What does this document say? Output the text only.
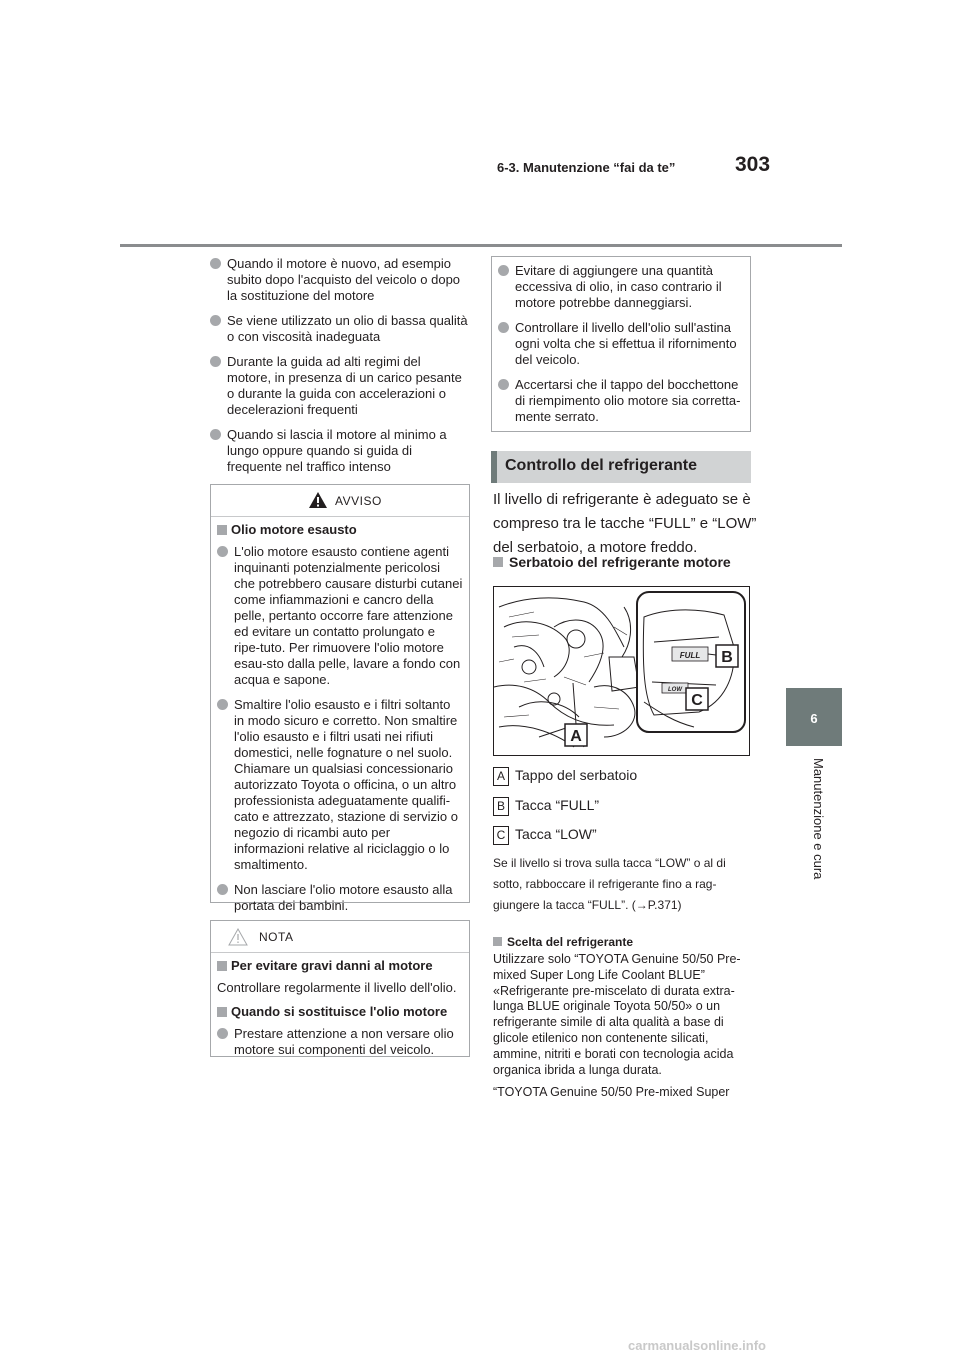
6-3. Manutenzione “fai da te”	303
6
Manutenzione e cura
Quando il motore è nuovo, ad esempio subito dopo l'acquisto del veicolo o dopo la sostituzione del motore
Se viene utilizzato un olio di bassa qualità o con viscosità inadeguata
Durante la guida ad alti regimi del motore, in presenza di un carico pesante o durante la guida con accelerazioni o decelerazioni frequenti
Quando si lascia il motore al minimo a lungo oppure quando si guida di frequente nel traffico intenso
AVVISO
Olio motore esausto
L'olio motore esausto contiene agenti inquinanti potenzialmente pericolosi che potrebbero causare disturbi cutanei come infiammazioni e cancro della pelle, pertanto occorre fare attenzione ed evitare un contatto prolungato e ripe-tuto. Per rimuovere l'olio motore esau-sto dalla pelle, lavare a fondo con acqua e sapone.
Smaltire l'olio esausto e i filtri soltanto in modo sicuro e corretto. Non smaltire l'olio esausto e i filtri usati nei rifiuti domestici, nelle fognature o nel suolo. Chiamare un qualsiasi concessionario autorizzato Toyota o officina, o un altro professionista adeguatamente qualifi-cato e attrezzato, stazione di servizio o negozio di ricambi auto per informazioni relative al riciclaggio o lo smaltimento.
Non lasciare l'olio motore esausto alla portata dei bambini.
NOTA
Per evitare gravi danni al motore
Controllare regolarmente il livello dell'olio.
Quando si sostituisce l'olio motore
Prestare attenzione a non versare olio motore sui componenti del veicolo.
Evitare di aggiungere una quantità eccessiva di olio, in caso contrario il motore potrebbe danneggiarsi.
Controllare il livello dell'olio sull'astina ogni volta che si effettua il rifornimento del veicolo.
Accertarsi che il tappo del bocchettone di riempimento olio motore sia corretta-mente serrato.
Controllo del refrigerante
Il livello di refrigerante è adeguato se è compreso tra le tacche “FULL” e “LOW” del serbatoio, a motore freddo.
Serbatoio del refrigerante motore
FULL
LOW
B
C
A
A Tappo del serbatoio
B Tacca “FULL”
C Tacca “LOW”
Se il livello si trova sulla tacca “LOW” o al di sotto, rabboccare il refrigerante fino a rag-giungere la tacca “FULL”. (→P.371)
Scelta del refrigerante
Utilizzare solo “TOYOTA Genuine 50/50 Pre-mixed Super Long Life Coolant BLUE” «Refrigerante pre-miscelato di durata extra-lunga BLUE originale Toyota 50/50» o un refrigerante simile di alta qualità a base di glicole etilenico non contenente silicati, ammine, nitriti e borati con tecnologia acida organica ibrida a lunga durata.
“TOYOTA Genuine 50/50 Pre-mixed Super
carmanualsonline.info
